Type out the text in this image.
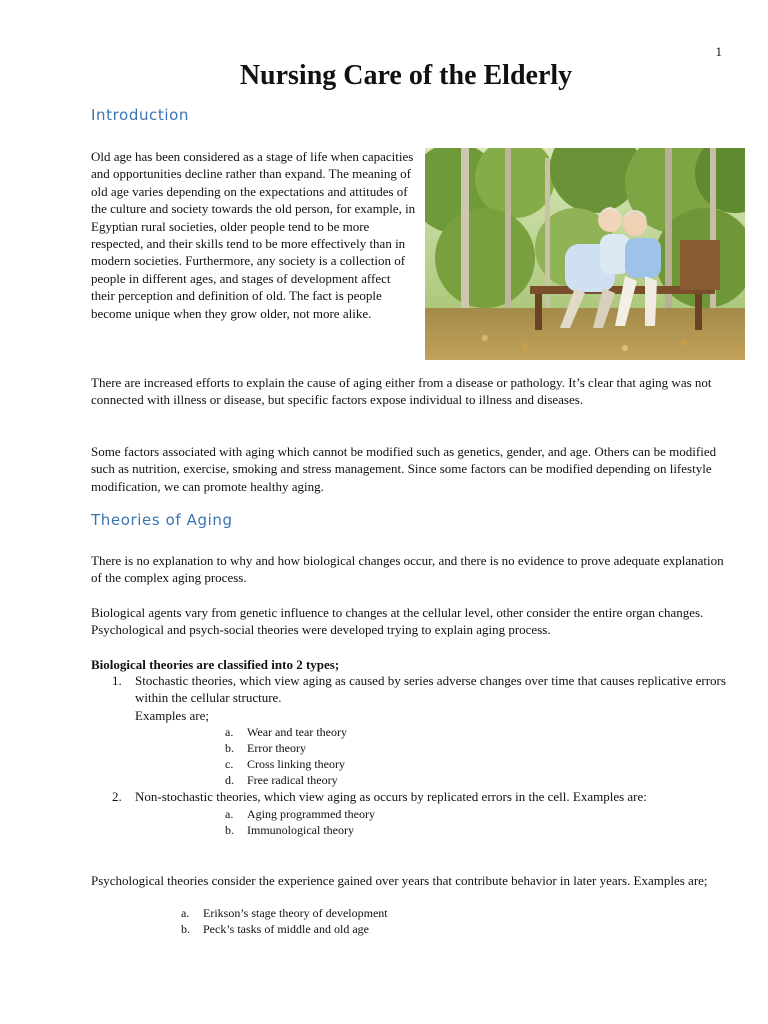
1
Nursing Care of the Elderly
Introduction

Old age has been considered as a stage of life when capacities and opportunities decline rather than expand. The meaning of old age varies depending on the expectations and attitudes of the culture and society towards the old person, for example, in Egyptian rural societies, older people tend to be more respected, and their skills tend to be more effectively than in modern societies. Furthermore, any society is a collection of people in different ages, and stages of development affect their perception and definition of old. The fact is people become unique when they grow older, not more alike.

There are increased efforts to explain the cause of aging either from a disease or pathology. It’s clear that aging was not connected with illness or disease, but specific factors expose individual to illness and diseases.

Some factors associated with aging which cannot be modified such as genetics, gender, and age. Others can be modified such as nutrition, exercise, smoking and stress management. Since some factors can be modified depending on lifestyle modification, we can promote healthy aging.

Theories of Aging

There is no explanation to why and how biological changes occur, and there is no evidence to prove adequate explanation of the complex aging process.

Biological agents vary from genetic influence to changes at the cellular level, other consider the entire organ changes. Psychological and psych-social theories were developed trying to explain aging process.

Biological theories are classified into 2 types;

1. Stochastic theories, which view aging as caused by series adverse changes over time that causes replicative errors within the cellular structure.
Examples are;
a. Wear and tear theory
b. Error theory
c. Cross linking theory
d. Free radical theory
2. Non-stochastic theories, which view aging as occurs by replicated errors in the cell. Examples are:
a. Aging programmed theory
b. Immunological theory

Psychological theories consider the experience gained over years that contribute behavior in later years. Examples are;

a. Erikson’s stage theory of development
b. Peck’s tasks of middle and old age
